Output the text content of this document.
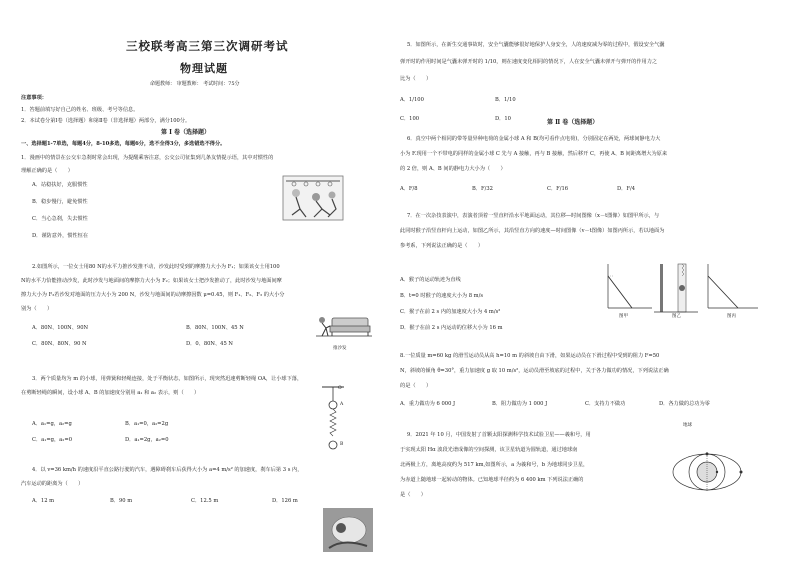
三校联考高三第三次调研考试
物理试题
命题教师： 审题教师： 考试时间：75分
注意事项：
1．答题前填写好自己的姓名、班级、考号等信息。
2．本试卷分第Ⅰ卷（选择题）和第Ⅱ卷（非选择题）两部分，满分100分。
第 Ⅰ 卷（选择题）
一、选择题1-7单选，每题4分，8-10多选，每题6分，选不全得3分，多选错选不得分。
1．漫画中的情景在公交车急刹时常会出现，为提醒乘客注意，公交公司征集到几条友情提示语，其中对惯性的
理解正确的是（　　）
A．站稳扶好，克服惯性
B．稳步慢行，避免惯性
C．当心急刹，失去惯性
D．谨防意外，惯性恒在
2.如图所示，一位女士用80 N的水平力推沙发推不动，沙发此时受到的摩擦力大小为 F₁；如果该女士用100
N的水平力恰能推动沙发，此时沙发与地面间的摩擦力大小为 F₂；如果该女士把沙发推动了，此时沙发与地面间摩
擦力大小为 F₃若沙发对地面的压力大小为 200 N，沙发与地面间的动摩擦因数 μ=0.45，则 F₁、F₂、F₃ 的大小分
别为（　　）
A．80N、100N、90N	B．80N、100N、45 N
C．80N、80N、90 N	D．0、80N、45 N
推沙发
3．两个质量均为 m 的小球，用弹簧和轻绳连接，处于平衡状态，如图所示，现突然迅速剪断轻绳 OA，让小球下落，
在剪断轻绳的瞬间，设小球 A、B 的加速度分别用 a₁ 和 a₂ 表示，则（　　）
A．a₁=g，a₂=g	B．a₁=0，a₂=2g
C．a₁=g，a₂=0	D．a₁=2g，a₂=0
O
A
B
4．以 v=36 km/h 的速度沿平直公路行驶的汽车，遇障碍刹车后获得大小为 a=4 m/s² 的加速度，刹车后第 3 s 内，
汽车运动的距离为（　　）
A．12 m	B．90 m	C．12.5 m	D．126 m
5．如图所示，在新生交通事故时，安全气囊能够很好地保护人身安全，人的速度减为零的过程中，假设安全气囊
弹开时的作用时间是气囊未弹开时的 1/10，则在速度变化相同的情况下，人在安全气囊未弹开与弹开的作用力之
比为（　　）
A．1/100	B．1/10
C．100	D．10	第 Ⅱ 卷（选择题）
6．真空中两个相同的带等量异种电荷的金属小球 A 和 B(均可看作点电荷)，分别固定在两处，两球间静电力大
小为 F.现用一个不带电的同样的金属小球 C 先与 A 接触，再与 B 接触，然后移开 C，再使 A、B 间距离增大为原来
的 2 倍，则 A、B 间的静电力大小为（　　）
A．F/8	B．F/32	C．F/16	D．F/4
7．在一次杂技表演中，表演者顶着一竖直杆沿水平地面运动，其位移—时间图像（x－t图像）如图甲所示，与
此同时猴子沿竖直杆向上运动，如图乙所示，其沿竖直方向的速度—时间图像（v－t图像）如图丙所示，若以地面为
参考系，下列说法正确的是（　　）
A．猴子的运动轨迹为直线
B．t=0 时猴子的速度大小为 8 m/s
C．猴子在前 2 s 内的加速度大小为 4 m/s²
D．猴子在前 2 s 内运动的位移大小为 16 m
图甲	图乙	图丙
8.一位质量 m=60 kg 的滑雪运动员从高 h=10 m 的斜坡自由下滑，如果运动员在下滑过程中受到的阻力 F=50
N，斜坡的倾角 θ=30°，重力加速度 g 取 10 m/s²，运动员滑至坡底的过程中，关于各力做功的情况，下列说法正确
的是（　　）
A．重力做功为 6 000 J	B．阻力做功为 1 000 J	C．支持力不做功	D．各力做的总功为零
9．2021 年 10 月，中国发射了首颗太阳探测科学技术试验卫星——羲和号，用
于实现太阳 Hα 波段光谱成像的空间探测，该卫星轨道为圆轨道，通过地球南
北两极上方，离地高度约为 517 km,如图所示，a 为羲和号，b 为地球同步卫星，
为赤道上随地球一起转动的物体。已知地球半径约为 6 400 km 下列说法正确的
是（　　）
地球
